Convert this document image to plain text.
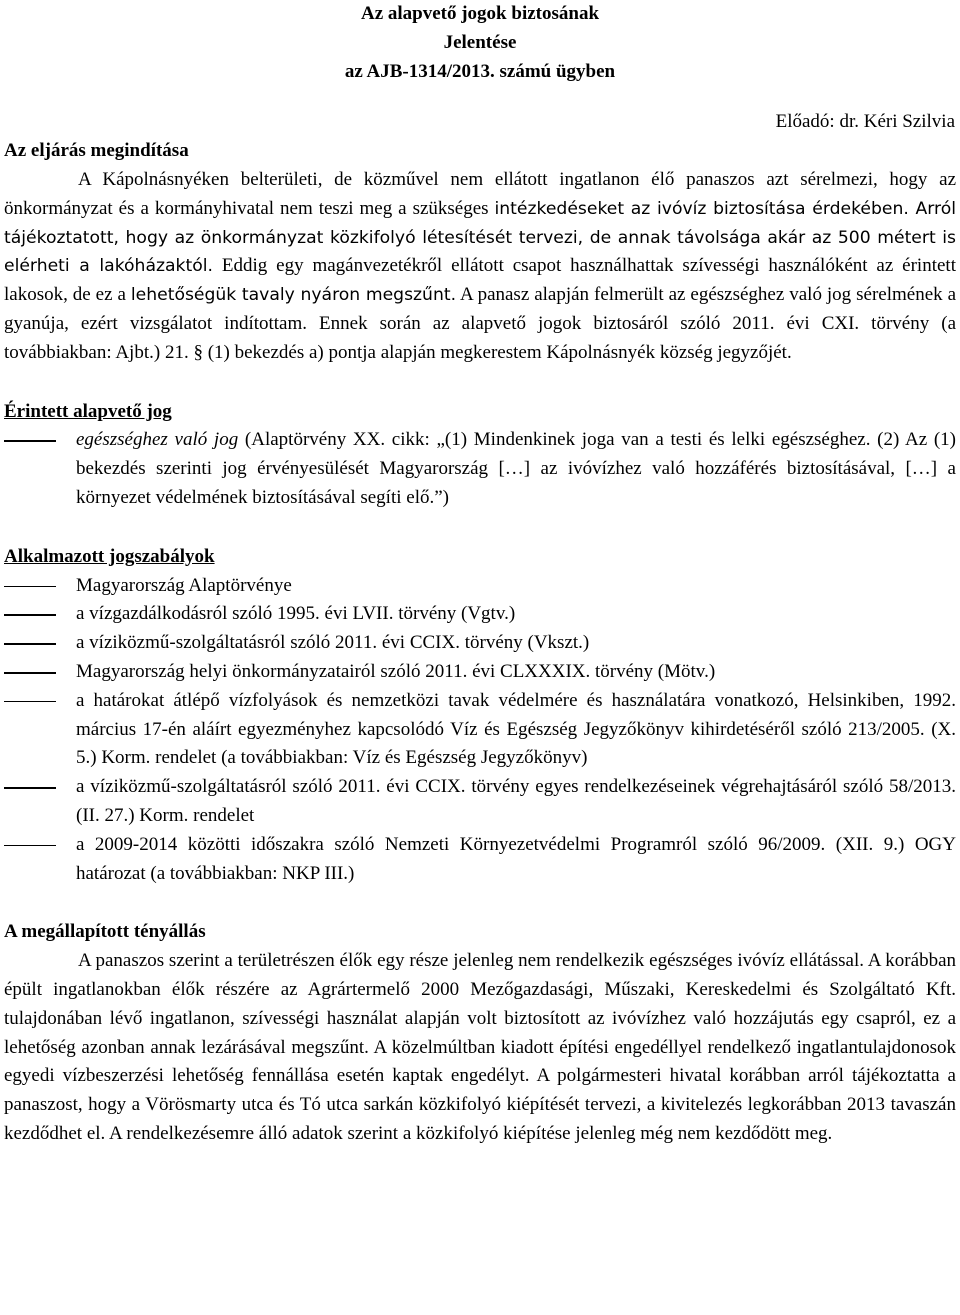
Az alapvető jogok biztosának
Jelentése
az AJB-1314/2013. számú ügyben
Előadó: dr. Kéri Szilvia
Az eljárás megindítása

A Kápolnásnyéken belterületi, de közművel nem ellátott ingatlanon élő panaszos azt sérelmezi, hogy az önkormányzat és a kormányhivatal nem teszi meg a szükséges intézkedéseket az ivóvíz biztosítása érdekében. Arról tájékoztatott, hogy az önkormányzat közkifolyó létesítését tervezi, de annak távolsága akár az 500 métert is elérheti a lakóházaktól. Eddig egy magánvezetékről ellátott csapot használhattak szívességi használóként az érintett lakosok, de ez a lehetőségük tavaly nyáron megszűnt. A panasz alapján felmerült az egészséghez való jog sérelmének a gyanúja, ezért vizsgálatot indítottam. Ennek során az alapvető jogok biztosáról szóló 2011. évi CXI. törvény (a továbbiakban: Ajbt.) 21. § (1) bekezdés a) pontja alapján megkerestem Kápolnásnyék község jegyzőjét.

Érintett alapvető jog
egészséghez való jog (Alaptörvény XX. cikk: „(1) Mindenkinek joga van a testi és lelki egészséghez. (2) Az (1) bekezdés szerinti jog érvényesülését Magyarország […] az ivóvízhez való hozzáférés biztosításával, […] a környezet védelmének biztosításával segíti elő.”)
Alkalmazott jogszabályok
Magyarország Alaptörvénye
a vízgazdálkodásról szóló 1995. évi LVII. törvény (Vgtv.)
a víziközmű-szolgáltatásról szóló 2011. évi CCIX. törvény (Vkszt.)
Magyarország helyi önkormányzatairól szóló 2011. évi CLXXXIX. törvény (Mötv.)
a határokat átlépő vízfolyások és nemzetközi tavak védelmére és használatára vonatkozó, Helsinkiben, 1992. március 17-én aláírt egyezményhez kapcsolódó Víz és Egészség Jegyzőkönyv kihirdetéséről szóló 213/2005. (X. 5.) Korm. rendelet (a továbbiakban: Víz és Egészség Jegyzőkönyv)
a víziközmű-szolgáltatásról szóló 2011. évi CCIX. törvény egyes rendelkezéseinek végrehajtásáról szóló 58/2013. (II. 27.) Korm. rendelet
a 2009-2014 közötti időszakra szóló Nemzeti Környezetvédelmi Programról szóló 96/2009. (XII. 9.) OGY határozat (a továbbiakban: NKP III.)
A megállapított tényállás

A panaszos szerint a területrészen élők egy része jelenleg nem rendelkezik egészséges ivóvíz ellátással. A korábban épült ingatlanokban élők részére az Agrártermelő 2000 Mezőgazdasági, Műszaki, Kereskedelmi és Szolgáltató Kft. tulajdonában lévő ingatlanon, szívességi használat alapján volt biztosított az ivóvízhez való hozzájutás egy csapról, ez a lehetőség azonban annak lezárásával megszűnt. A közelmúltban kiadott építési engedéllyel rendelkező ingatlantulajdonosok egyedi vízbeszerzési lehetőség fennállása esetén kaptak engedélyt. A polgármesteri hivatal korábban arról tájékoztatta a panaszost, hogy a Vörösmarty utca és Tó utca sarkán közkifolyó kiépítését tervezi, a kivitelezés legkorábban 2013 tavaszán kezdődhet el. A rendelkezésemre álló adatok szerint a közkifolyó kiépítése jelenleg még nem kezdődött meg.
